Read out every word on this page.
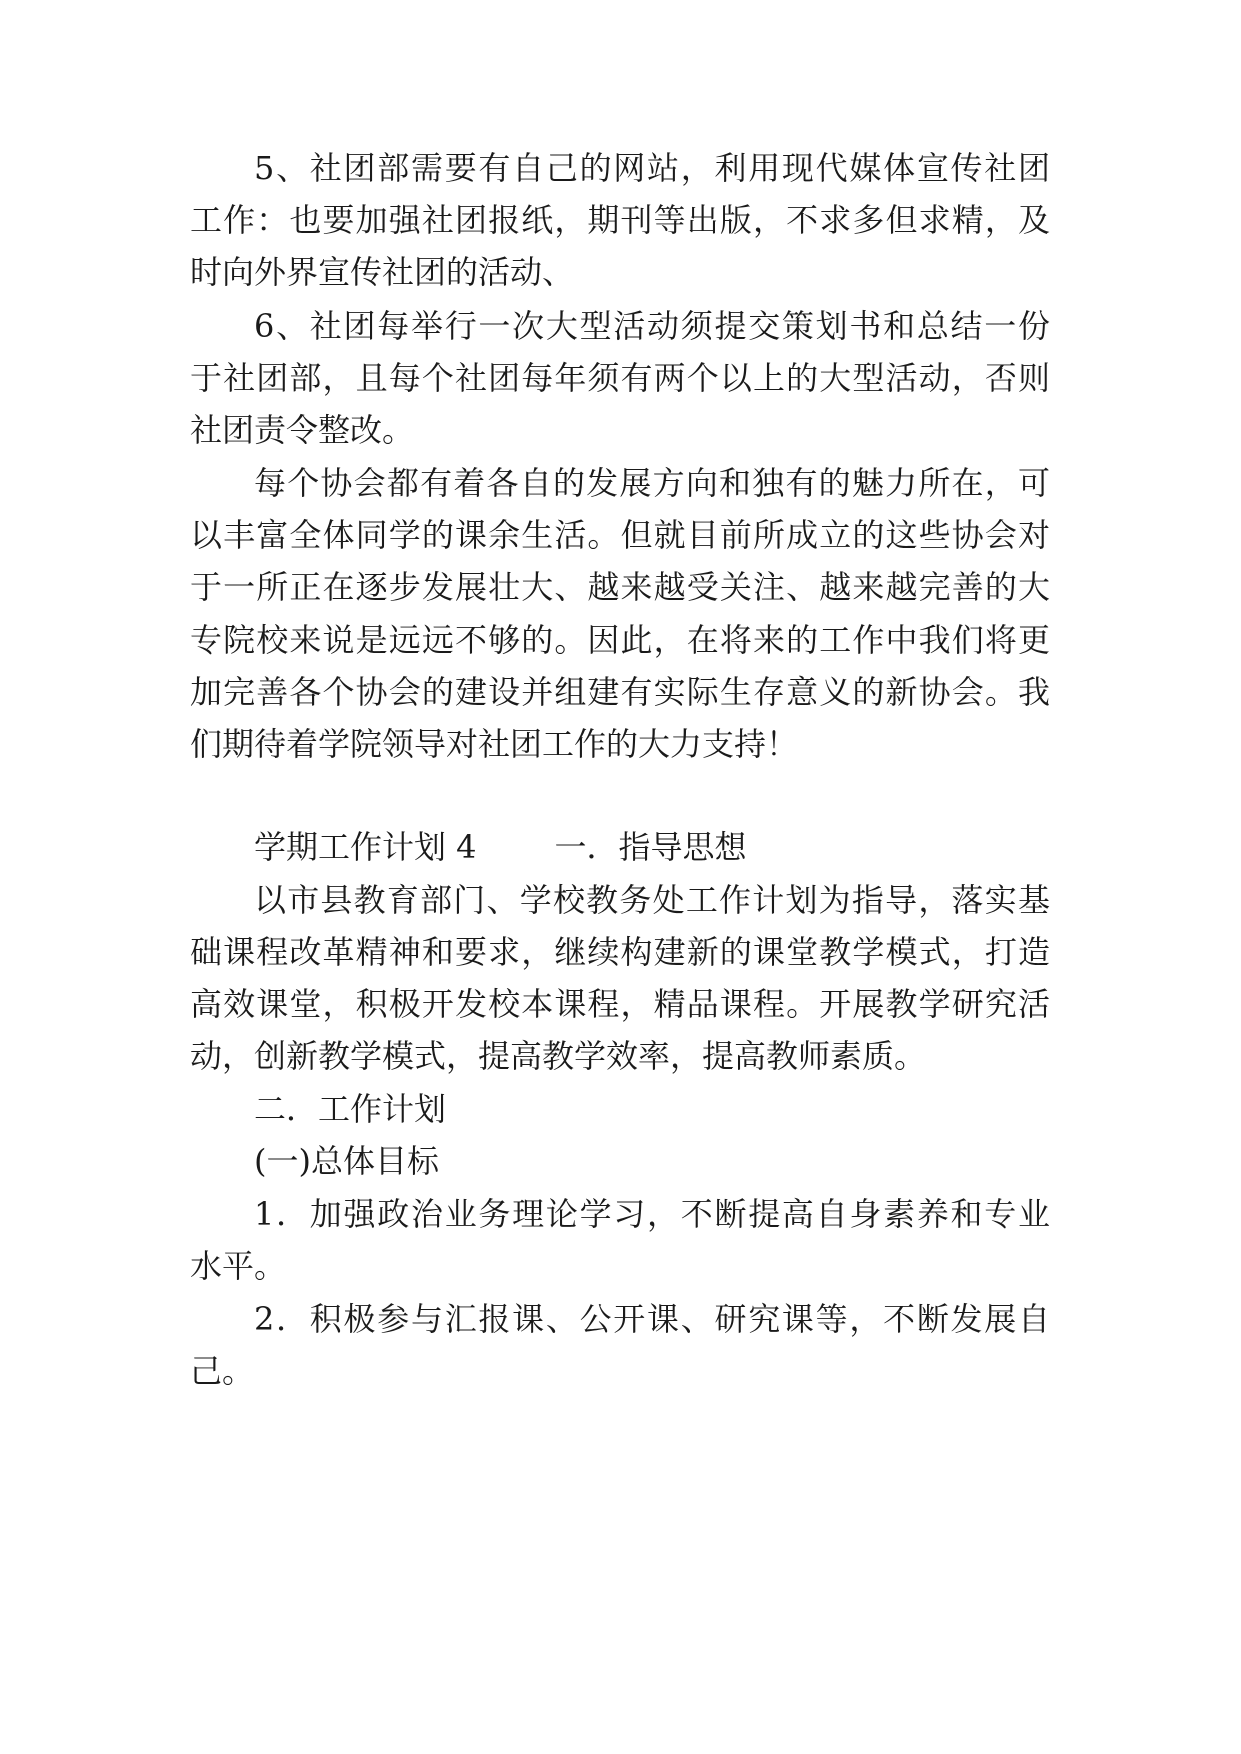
5、社团部需要有自己的网站，利用现代媒体宣传社团
工作：也要加强社团报纸，期刊等出版，不求多但求精，及
时向外界宣传社团的活动、
6、社团每举行一次大型活动须提交策划书和总结一份
于社团部，且每个社团每年须有两个以上的大型活动，否则
社团责令整改。
每个协会都有着各自的发展方向和独有的魅力所在，可
以丰富全体同学的课余生活。但就目前所成立的这些协会对
于一所正在逐步发展壮大、越来越受关注、越来越完善的大
专院校来说是远远不够的。因此，在将来的工作中我们将更
加完善各个协会的建设并组建有实际生存意义的新协会。我
们期待着学院领导对社团工作的大力支持！
学期工作计划 4 一．指导思想
以市县教育部门、学校教务处工作计划为指导，落实基
础课程改革精神和要求，继续构建新的课堂教学模式，打造
高效课堂，积极开发校本课程，精品课程。开展教学研究活
动，创新教学模式，提高教学效率，提高教师素质。
二．工作计划
(一)总体目标
1．加强政治业务理论学习，不断提高自身素养和专业
水平。
2．积极参与汇报课、公开课、研究课等，不断发展自
己。
